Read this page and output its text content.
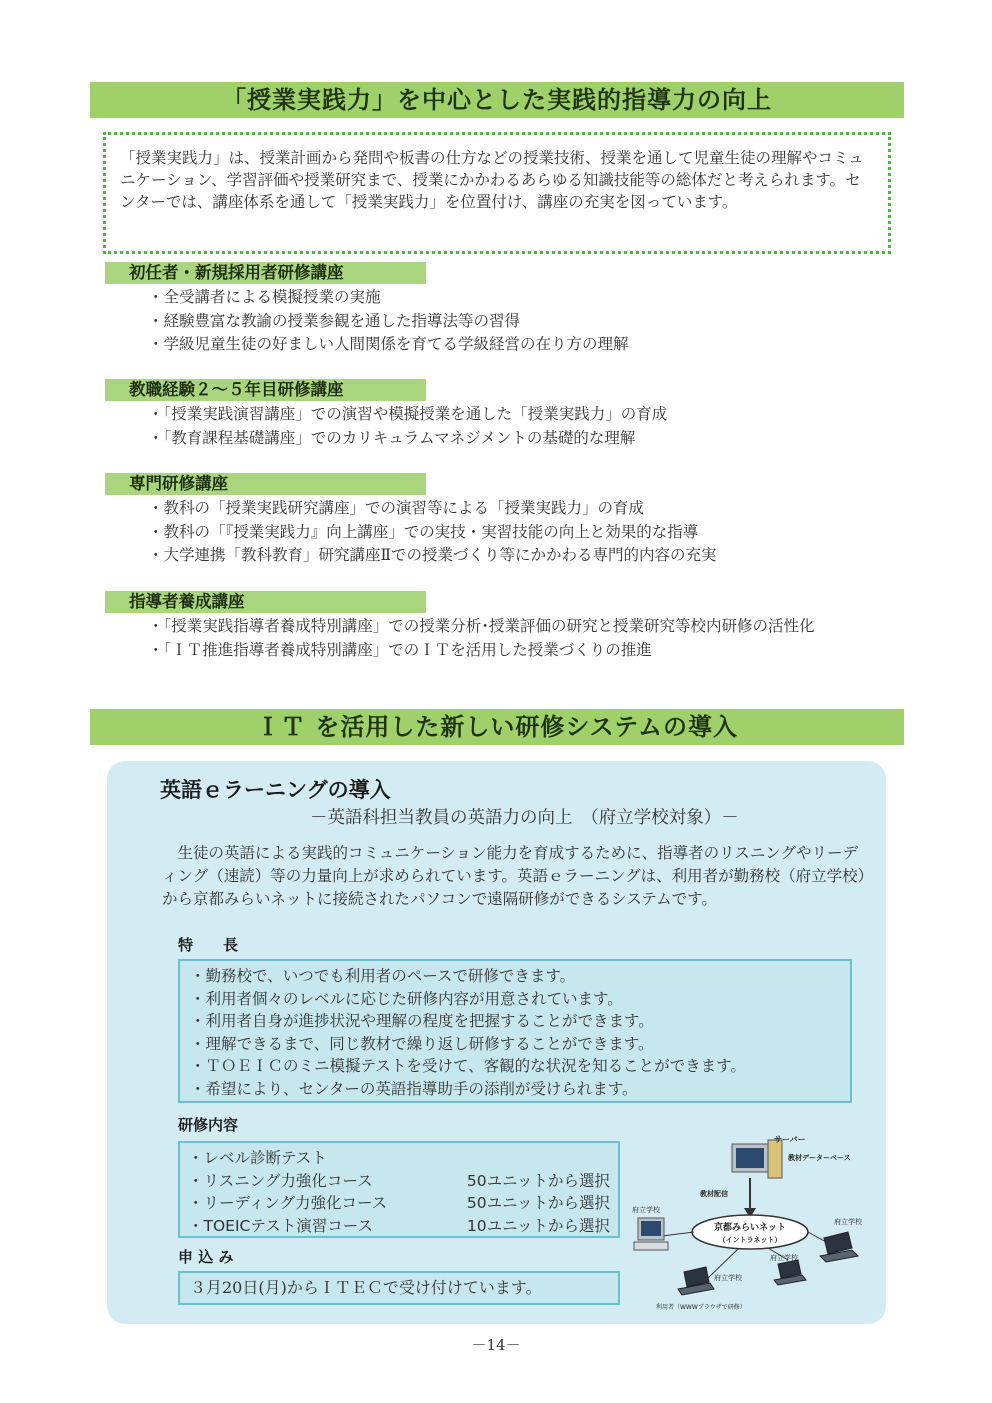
「授業実践力」を中心とした実践的指導力の向上
「授業実践力」は、授業計画から発問や板書の仕方などの授業技術、授業を通して児童生徒の理解やコミュニケーション、学習評価や授業研究まで、授業にかかわるあらゆる知識技能等の総体だと考えられます。センターでは、講座体系を通して「授業実践力」を位置付け、講座の充実を図っています。
初任者・新規採用者研修講座
・全受講者による模擬授業の実施
・経験豊富な教諭の授業参観を通した指導法等の習得
・学級児童生徒の好ましい人間関係を育てる学級経営の在り方の理解
教職経験２〜５年目研修講座
・「授業実践演習講座」での演習や模擬授業を通した「授業実践力」の育成
・「教育課程基礎講座」でのカリキュラムマネジメントの基礎的な理解
専門研修講座
・教科の「授業実践研究講座」での演習等による「授業実践力」の育成
・教科の「『授業実践力』向上講座」での実技・実習技能の向上と効果的な指導
・大学連携「教科教育」研究講座Ⅱでの授業づくり等にかかわる専門的内容の充実
指導者養成講座
・「授業実践指導者養成特別講座」での授業分析･授業評価の研究と授業研究等校内研修の活性化
・「ＩＴ推進指導者養成特別講座」でのＩＴを活用した授業づくりの推進
ＩＴ を活用した新しい研修システムの導入
英語ｅラーニングの導入
－英語科担当教員の英語力の向上　（府立学校対象）－
生徒の英語による実践的コミュニケーション能力を育成するために、指導者のリスニングやリーディング（速読）等の力量向上が求められています。英語ｅラーニングは、利用者が勤務校（府立学校）から京都みらいネットに接続されたパソコンで遠隔研修ができるシステムです。
特　　長
・勤務校で、いつでも利用者のペースで研修できます。
・利用者個々のレベルに応じた研修内容が用意されています。
・利用者自身が進捗状況や理解の程度を把握することができます。
・理解できるまで、同じ教材で繰り返し研修することができます。
・ＴＯＥＩＣのミニ模擬テストを受けて、客観的な状況を知ることができます。
・希望により、センターの英語指導助手の添削が受けられます。
研修内容
・レベル診断テスト
・リスニング力強化コース	50ユニットから選択
・リーディング力強化コース	50ユニットから選択
・TOEICテスト演習コース	10ユニットから選択
申 込 み
３月20日(月)からＩＴＥＣで受け付けています。
サーバー
教材データーベース
教材配信
京都みらいネット
（イントラネット）
府立学校
府立学校
府立学校
府立学校
利用者（WWWブラウザで研修）
－14－
